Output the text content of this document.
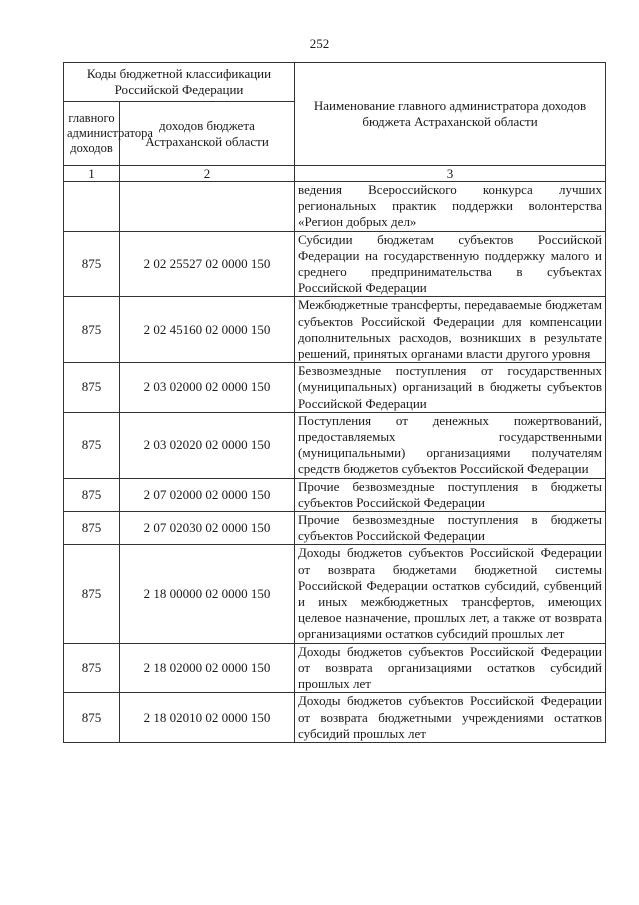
252
Коды бюджетной классификации Российской Федерации		Наименование главного администратора доходов бюджета Астраханской области
главного администратора доходов	доходов бюджета Астраханской области	
1	2	3
		ведения Всероссийского конкурса лучших региональных практик поддержки волонтерства «Регион добрых дел»
875	2 02 25527 02 0000 150	Субсидии бюджетам субъектов Российской Федерации на государственную поддержку малого и среднего предпринимательства в субъектах Российской Федерации
875	2 02 45160 02 0000 150	Межбюджетные трансферты, передаваемые бюджетам субъектов Российской Федерации для компенсации дополнительных расходов, возникших в результате решений, принятых органами власти другого уровня
875	2 03 02000 02 0000 150	Безвозмездные поступления от государственных (муниципальных) организаций в бюджеты субъектов Российской Федерации
875	2 03 02020 02 0000 150	Поступления от денежных пожертвований, предоставляемых государственными (муниципальными) организациями получателям средств бюджетов субъектов Российской Федерации
875	2 07 02000 02 0000 150	Прочие безвозмездные поступления в бюджеты субъектов Российской Федерации
875	2 07 02030 02 0000 150	Прочие безвозмездные поступления в бюджеты субъектов Российской Федерации
875	2 18 00000 02 0000 150	Доходы бюджетов субъектов Российской Федерации от возврата бюджетами бюджетной системы Российской Федерации остатков субсидий, субвенций и иных межбюджетных трансфертов, имеющих целевое назначение, прошлых лет, а также от возврата организациями остатков субсидий прошлых лет
875	2 18 02000 02 0000 150	Доходы бюджетов субъектов Российской Федерации от возврата организациями остатков субсидий прошлых лет
875	2 18 02010 02 0000 150	Доходы бюджетов субъектов Российской Федерации от возврата бюджетными учреждениями остатков субсидий прошлых лет
